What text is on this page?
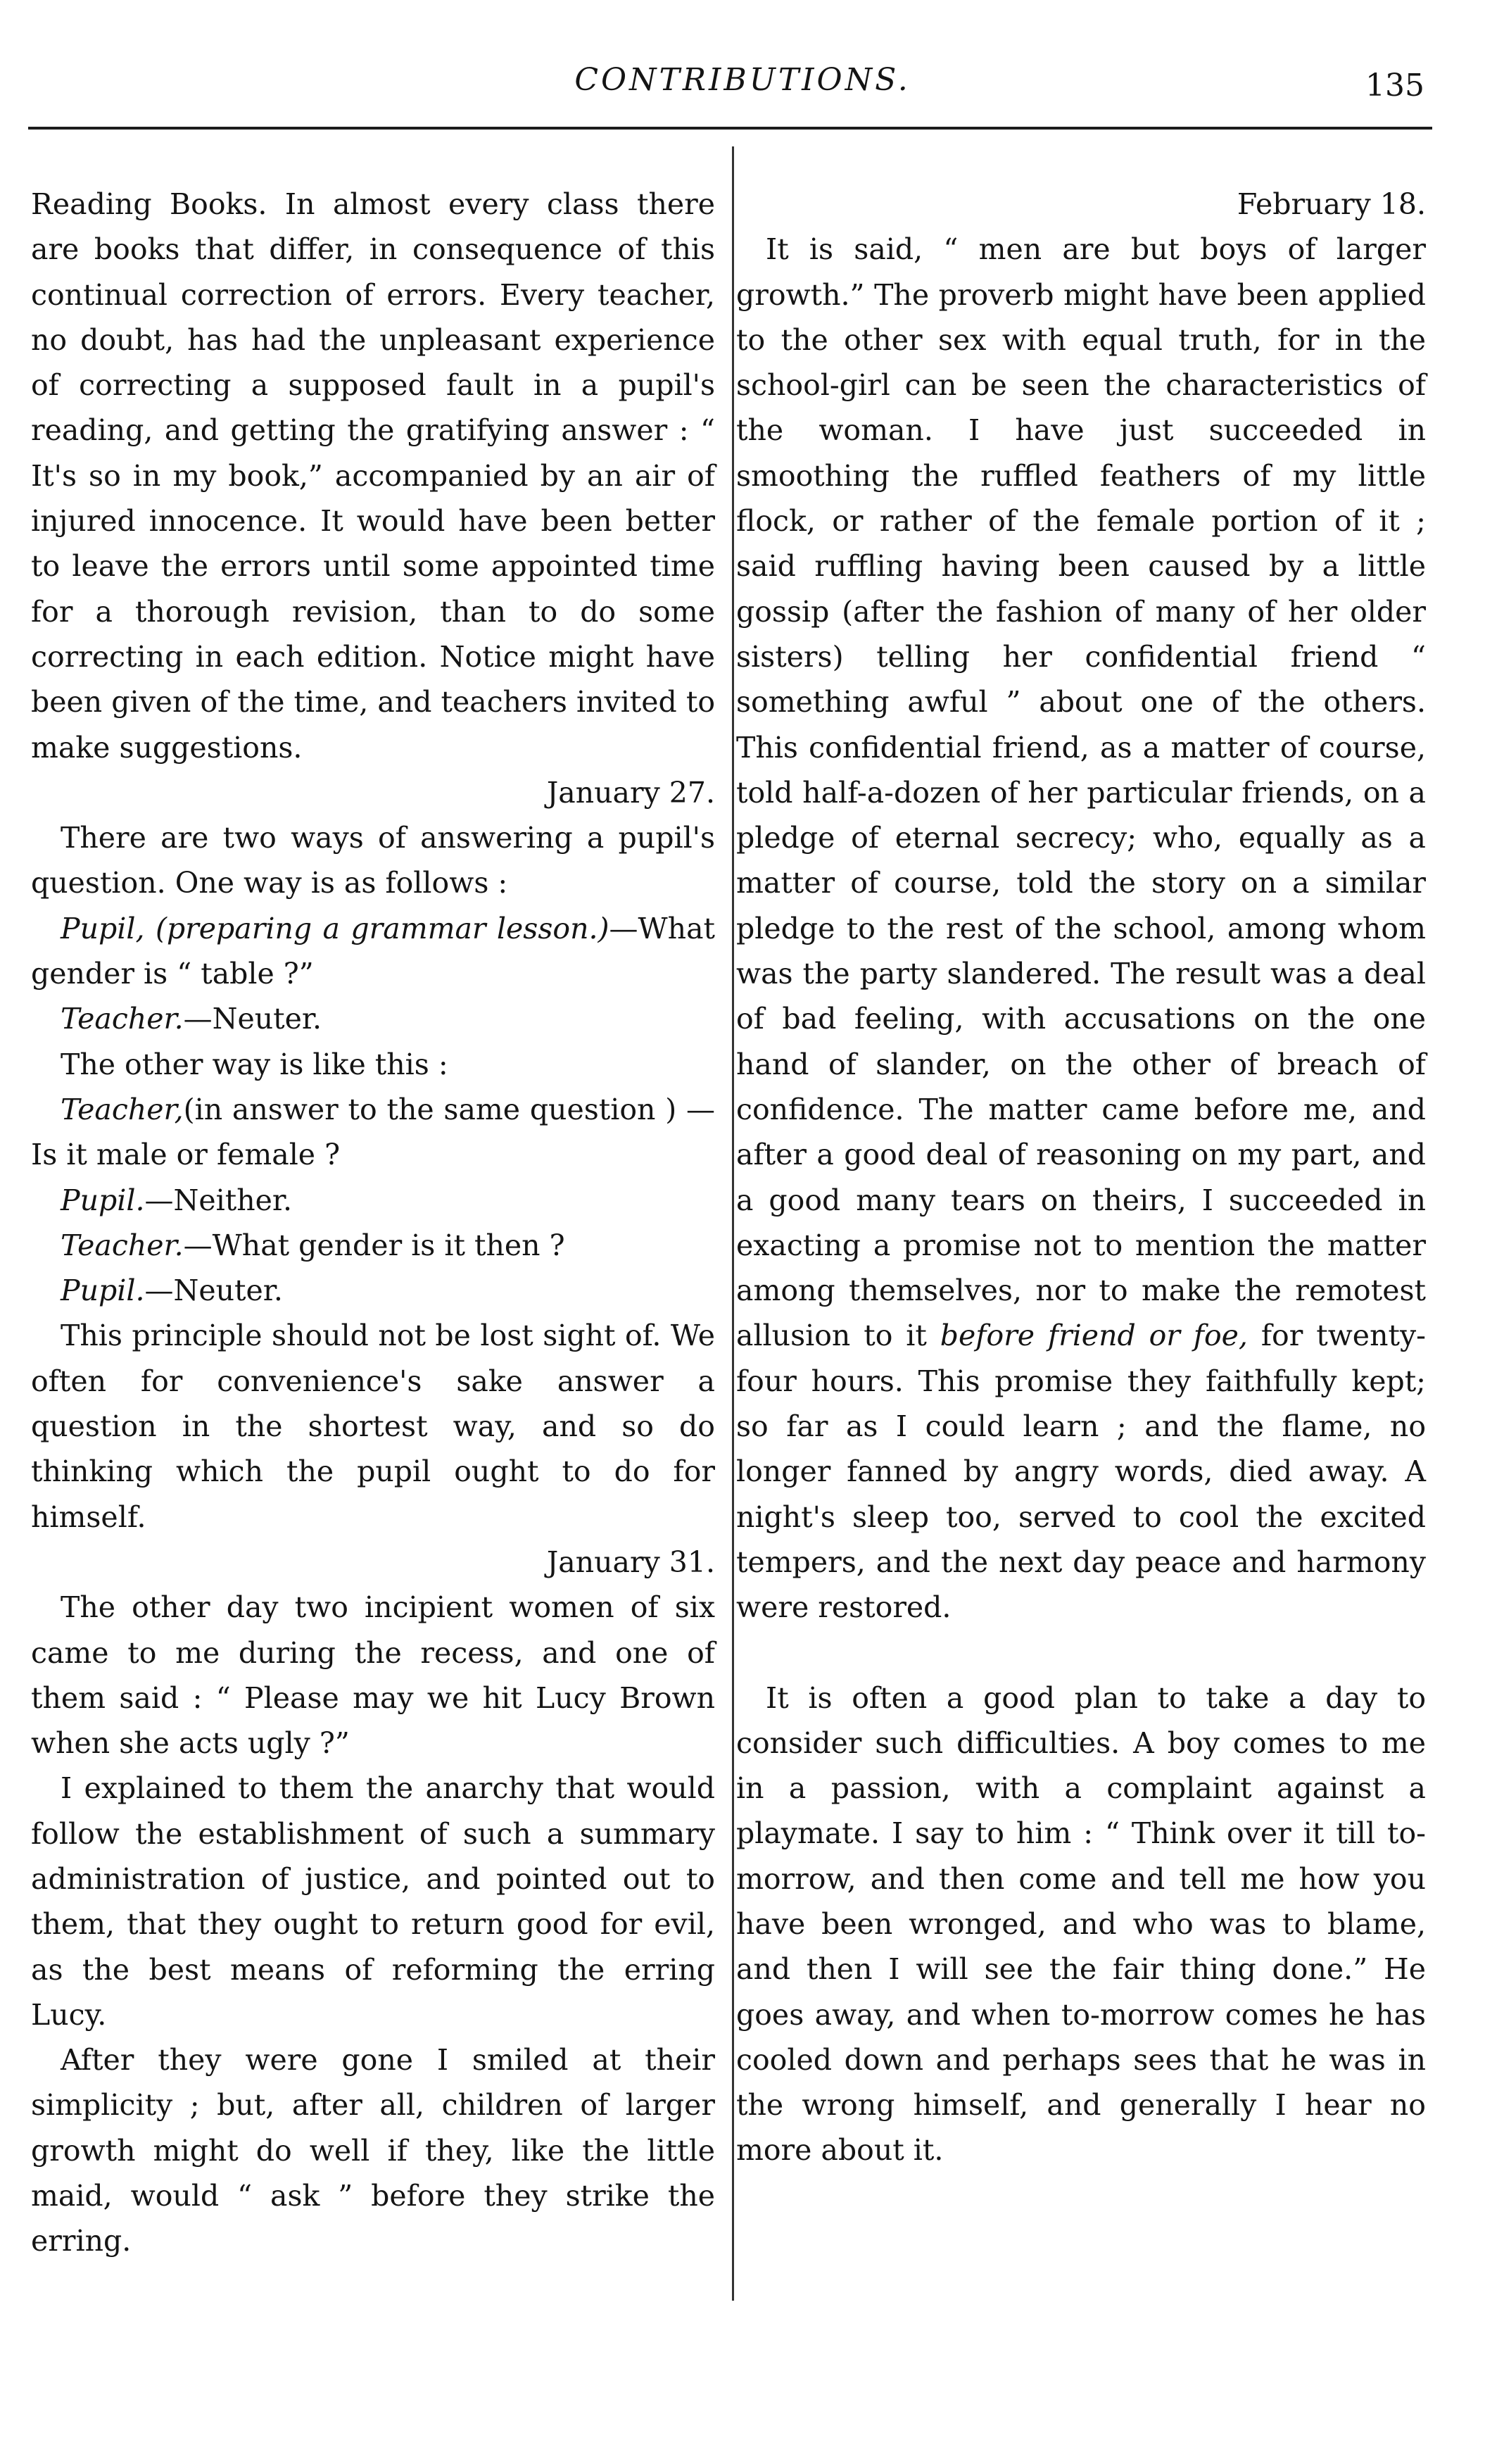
CONTRIBUTIONS.	135

Reading Books. In almost every class there are books that differ, in consequence of this continual correction of errors. Every teacher, no doubt, has had the unpleasant experience of correcting a supposed fault in a pupil's reading, and getting the gratifying answer : “ It's so in my book,” accompanied by an air of injured innocence. It would have been better to leave the errors until some appointed time for a thorough revision, than to do some correcting in each edition. Notice might have been given of the time, and teachers invited to make suggestions.

January 27.

There are two ways of answering a pupil's question. One way is as follows :

Pupil, (preparing a grammar lesson.)—What gender is “ table ?”

Teacher.—Neuter.

The other way is like this :

Teacher,(in answer to the same question ) —Is it male or female ?

Pupil.—Neither.

Teacher.—What gender is it then ?

Pupil.—Neuter.

This principle should not be lost sight of. We often for convenience's sake answer a question in the shortest way, and so do thinking which the pupil ought to do for himself.

January 31.

The other day two incipient women of six came to me during the recess, and one of them said : “ Please may we hit Lucy Brown when she acts ugly ?”

I explained to them the anarchy that would follow the establishment of such a summary administration of justice, and pointed out to them, that they ought to return good for evil, as the best means of reforming the erring Lucy.

After they were gone I smiled at their simplicity ; but, after all, children of larger growth might do well if they, like the little maid, would “ ask ” before they strike the erring.

February 18.

It is said, “ men are but boys of larger growth.” The proverb might have been applied to the other sex with equal truth, for in the school-girl can be seen the characteristics of the woman. I have just succeeded in smoothing the ruffled feathers of my little flock, or rather of the female portion of it ; said ruffling having been caused by a little gossip (after the fashion of many of her older sisters) telling her confidential friend “ something awful ” about one of the others. This confidential friend, as a matter of course, told half-a-dozen of her particular friends, on a pledge of eternal secrecy; who, equally as a matter of course, told the story on a similar pledge to the rest of the school, among whom was the party slandered. The result was a deal of bad feeling, with accusations on the one hand of slander, on the other of breach of confidence. The matter came before me, and after a good deal of reasoning on my part, and a good many tears on theirs, I succeeded in exacting a promise not to mention the matter among themselves, nor to make the remotest allusion to it before friend or foe, for twenty-four hours. This promise they faithfully kept; so far as I could learn ; and the flame, no longer fanned by angry words, died away. A night's sleep too, served to cool the excited tempers, and the next day peace and harmony were restored.

It is often a good plan to take a day to consider such difficulties. A boy comes to me in a passion, with a complaint against a playmate. I say to him : “ Think over it till to-morrow, and then come and tell me how you have been wronged, and who was to blame, and then I will see the fair thing done.” He goes away, and when to-morrow comes he has cooled down and perhaps sees that he was in the wrong himself, and generally I hear no more about it.
